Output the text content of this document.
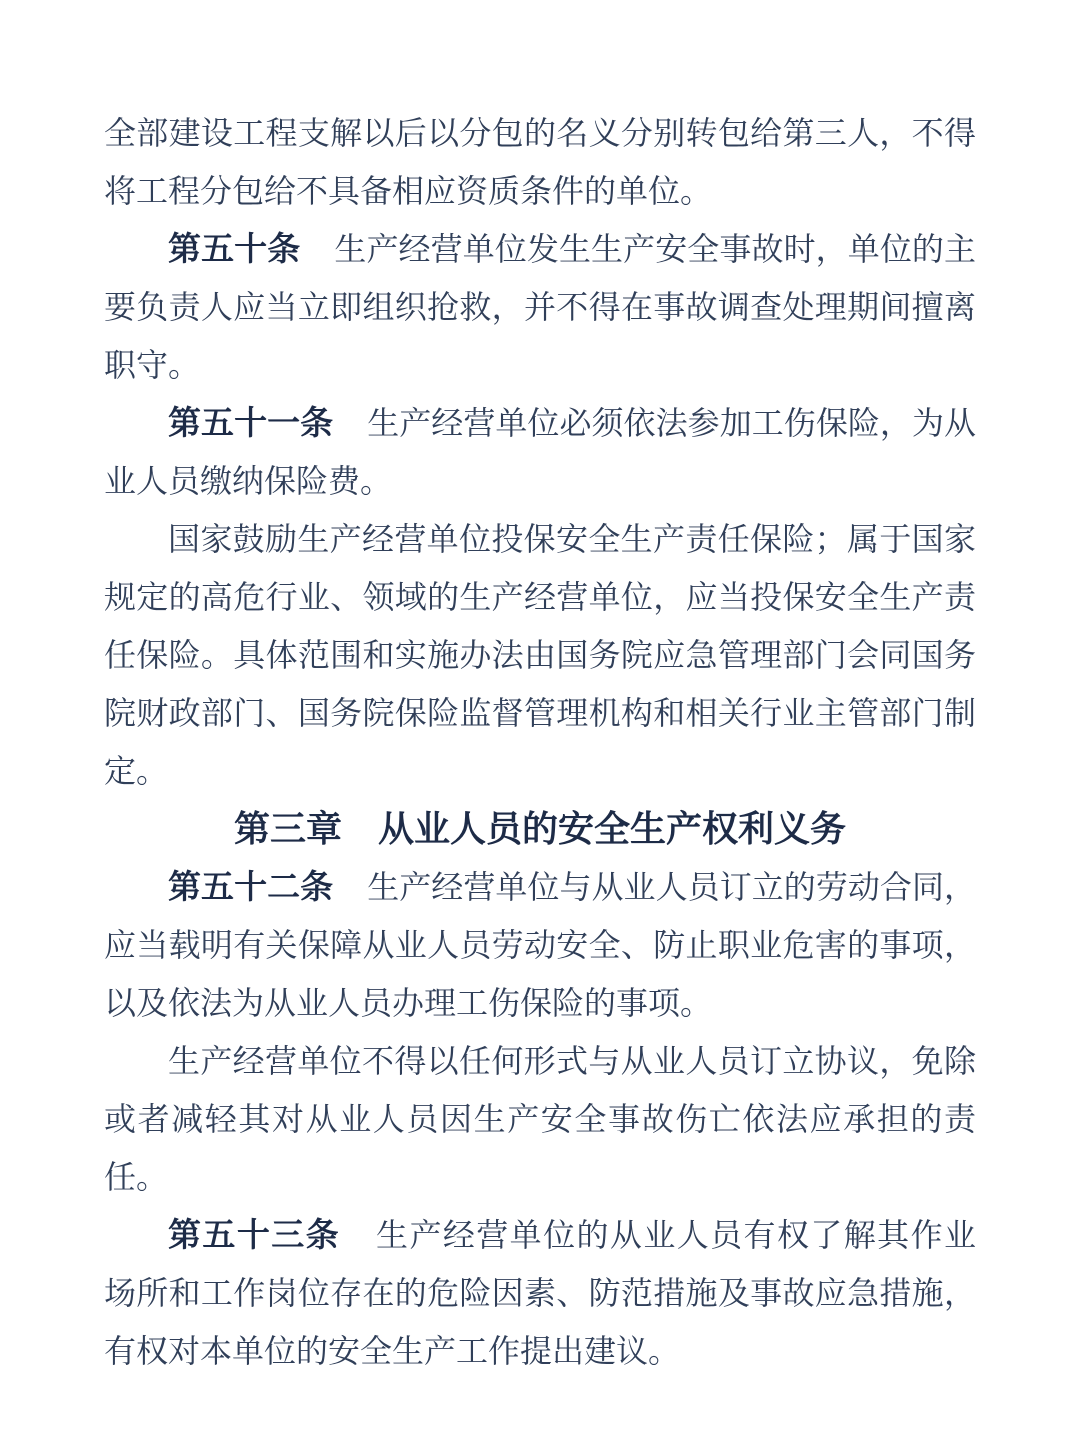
全部建设工程支解以后以分包的名义分别转包给第三人，不得将工程分包给不具备相应资质条件的单位。

第五十条 生产经营单位发生生产安全事故时，单位的主要负责人应当立即组织抢救，并不得在事故调查处理期间擅离职守。

第五十一条 生产经营单位必须依法参加工伤保险，为从业人员缴纳保险费。

国家鼓励生产经营单位投保安全生产责任保险；属于国家规定的高危行业、领域的生产经营单位，应当投保安全生产责任保险。具体范围和实施办法由国务院应急管理部门会同国务院财政部门、国务院保险监督管理机构和相关行业主管部门制定。

第三章　从业人员的安全生产权利义务

第五十二条 生产经营单位与从业人员订立的劳动合同，应当载明有关保障从业人员劳动安全、防止职业危害的事项，以及依法为从业人员办理工伤保险的事项。

生产经营单位不得以任何形式与从业人员订立协议，免除或者减轻其对从业人员因生产安全事故伤亡依法应承担的责任。

第五十三条 生产经营单位的从业人员有权了解其作业场所和工作岗位存在的危险因素、防范措施及事故应急措施，有权对本单位的安全生产工作提出建议。
